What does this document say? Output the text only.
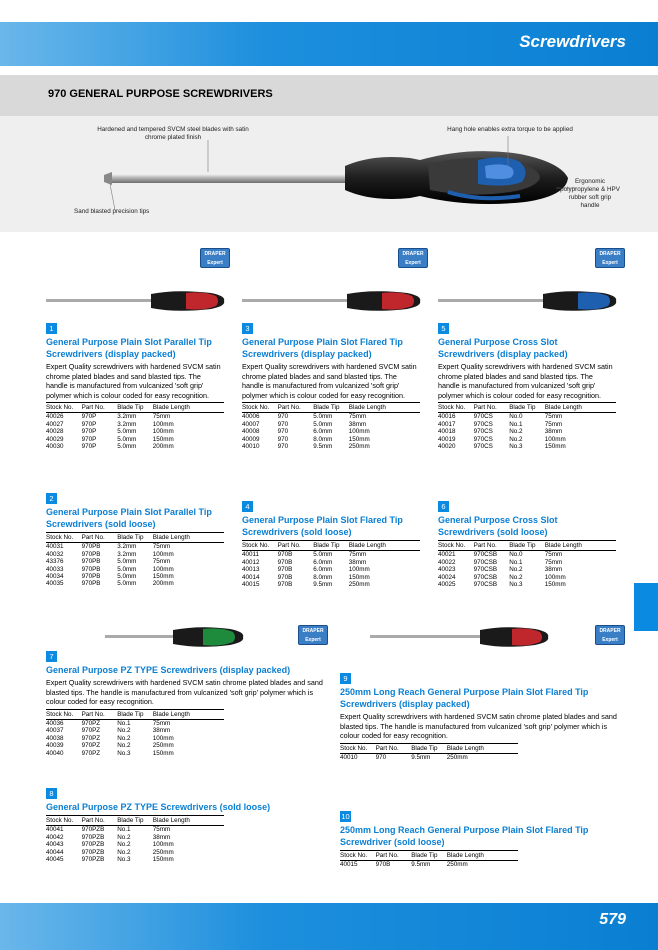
Screwdrivers
970 GENERAL PURPOSE SCREWDRIVERS
Hardened and tempered SVCM steel blades with satin chrome plated finish
Sand blasted precision tips
Hang hole enables extra torque to be applied
Ergonomic polypropylene & HPV rubber soft grip handle
DRAPER
Expert
DRAPER
Expert
DRAPER
Expert
DRAPER
Expert
DRAPER
Expert
1
General Purpose Plain Slot Parallel Tip Screwdrivers (display packed)
Expert Quality screwdrivers with hardened SVCM satin chrome plated blades and sand blasted tips. The handle is manufactured from vulcanized 'soft grip' polymer which is colour coded for easy recognition.
Stock No.	Part No.	Blade Tip	Blade Length
40026	970P	3.2mm	75mm
40027	970P	3.2mm	100mm
40028	970P	5.0mm	100mm
40029	970P	5.0mm	150mm
40030	970P	5.0mm	200mm
2
General Purpose Plain Slot Parallel Tip Screwdrivers (sold loose)
Stock No.	Part No.	Blade Tip	Blade Length
40031	970PB	3.2mm	75mm
40032	970PB	3.2mm	100mm
43376	970PB	5.0mm	75mm
40033	970PB	5.0mm	100mm
40034	970PB	5.0mm	150mm
40035	970PB	5.0mm	200mm
3
General Purpose Plain Slot Flared Tip Screwdrivers (display packed)
Expert Quality screwdrivers with hardened SVCM satin chrome plated blades and sand blasted tips. The handle is manufactured from vulcanized 'soft grip' polymer which is colour coded for easy recognition.
Stock No.	Part No.	Blade Tip	Blade Length
40006	970	5.0mm	75mm
40007	970	5.0mm	38mm
40008	970	6.0mm	100mm
40009	970	8.0mm	150mm
40010	970	9.5mm	250mm
4
General Purpose Plain Slot Flared Tip Screwdrivers (sold loose)
Stock No.	Part No.	Blade Tip	Blade Length
40011	970B	5.0mm	75mm
40012	970B	6.0mm	38mm
40013	970B	6.0mm	100mm
40014	970B	8.0mm	150mm
40015	970B	9.5mm	250mm
5
General Purpose Cross Slot Screwdrivers (display packed)
Expert Quality screwdrivers with hardened SVCM satin chrome plated blades and sand blasted tips. The handle is manufactured from vulcanized 'soft grip' polymer which is colour coded for easy recognition.
Stock No.	Part No.	Blade Tip	Blade Length
40016	970CS	No.0	75mm
40017	970CS	No.1	75mm
40018	970CS	No.2	38mm
40019	970CS	No.2	100mm
40020	970CS	No.3	150mm
6
General Purpose Cross Slot Screwdrivers (sold loose)
Stock No.	Part No.	Blade Tip	Blade Length
40021	970CSB	No.0	75mm
40022	970CSB	No.1	75mm
40023	970CSB	No.2	38mm
40024	970CSB	No.2	100mm
40025	970CSB	No.3	150mm
7
General Purpose PZ TYPE Screwdrivers (display packed)
Expert Quality screwdrivers with hardened SVCM satin chrome plated blades and sand blasted tips. The handle is manufactured from vulcanized 'soft grip' polymer which is colour coded for easy recognition.
Stock No.	Part No.	Blade Tip	Blade Length
40036	970PZ	No.1	75mm
40037	970PZ	No.2	38mm
40038	970PZ	No.2	100mm
40039	970PZ	No.2	250mm
40040	970PZ	No.3	150mm
8
General Purpose PZ TYPE Screwdrivers (sold loose)
Stock No.	Part No.	Blade Tip	Blade Length
40041	970PZB	No.1	75mm
40042	970PZB	No.2	38mm
40043	970PZB	No.2	100mm
40044	970PZB	No.2	250mm
40045	970PZB	No.3	150mm
9
250mm Long Reach General Purpose Plain Slot Flared Tip Screwdrivers (display packed)
Expert Quality screwdrivers with hardened SVCM satin chrome plated blades and sand blasted tips. The handle is manufactured from vulcanized 'soft grip' polymer which is colour coded for easy recognition.
Stock No.	Part No.	Blade Tip	Blade Length
40010	970	9.5mm	250mm
10
250mm Long Reach General Purpose Plain Slot Flared Tip Screwdriver (sold loose)
Stock No.	Part No.	Blade Tip	Blade Length
40015	970B	9.5mm	250mm
579
